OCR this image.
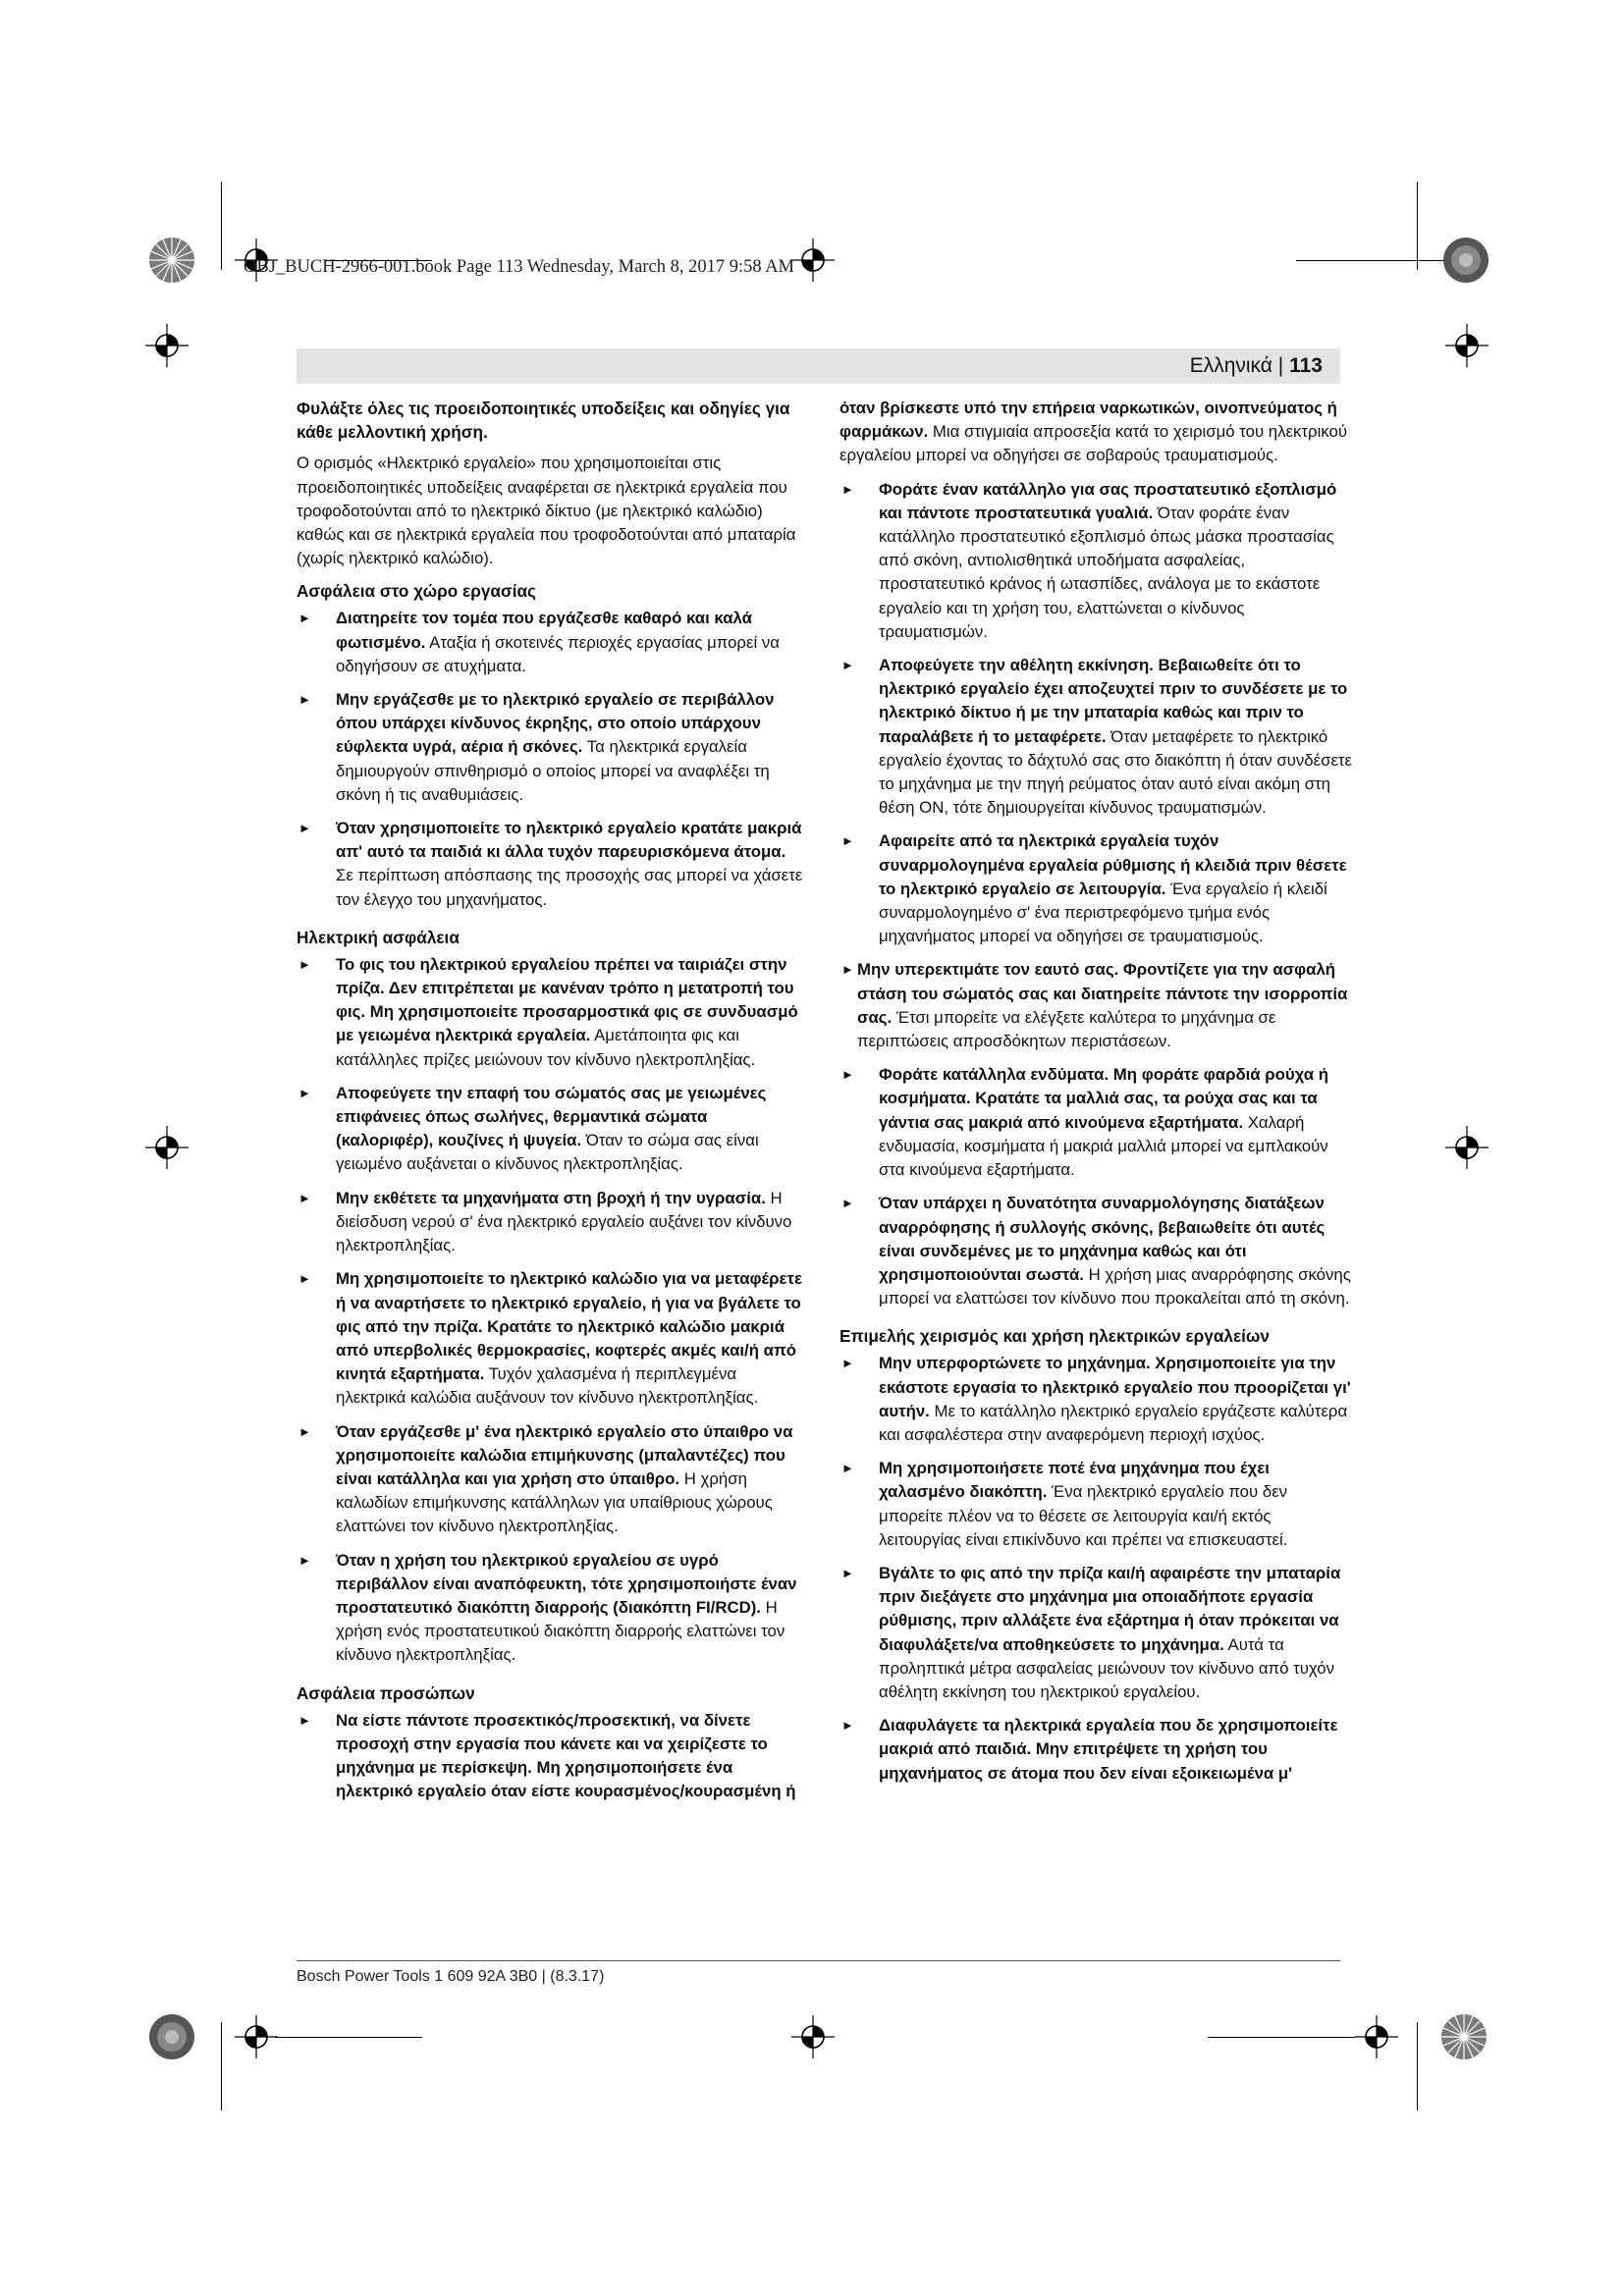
OBJ_BUCH-2966-001.book Page 113 Wednesday, March 8, 2017 9:58 AM
Ελληνικά | 113

Φυλάξτε όλες τις προειδοποιητικές υποδείξεις και οδηγίες για κάθε μελλοντική χρήση.

Ο ορισμός «Ηλεκτρικό εργαλείο» που χρησιμοποιείται στις προειδοποιητικές υποδείξεις αναφέρεται σε ηλεκτρικά εργαλεία που τροφοδοτούνται από το ηλεκτρικό δίκτυο (με ηλεκτρικό καλώδιο) καθώς και σε ηλεκτρικά εργαλεία που τροφοδοτούνται από μπαταρία (χωρίς ηλεκτρικό καλώδιο).

Ασφάλεια στο χώρο εργασίας
► Διατηρείτε τον τομέα που εργάζεσθε καθαρό και καλά φωτισμένο. Αταξία ή σκοτεινές περιοχές εργασίας μπορεί να οδηγήσουν σε ατυχήματα.
► Μην εργάζεσθε με το ηλεκτρικό εργαλείο σε περιβάλλον όπου υπάρχει κίνδυνος έκρηξης, στο οποίο υπάρχουν εύφλεκτα υγρά, αέρια ή σκόνες. Τα ηλεκτρικά εργαλεία δημιουργούν σπινθηρισμό ο οποίος μπορεί να αναφλέξει τη σκόνη ή τις αναθυμιάσεις.
► Όταν χρησιμοποιείτε το ηλεκτρικό εργαλείο κρατάτε μακριά απ' αυτό τα παιδιά κι άλλα τυχόν παρευρισκόμενα άτομα. Σε περίπτωση απόσπασης της προσοχής σας μπορεί να χάσετε τον έλεγχο του μηχανήματος.
Ηλεκτρική ασφάλεια
► Το φις του ηλεκτρικού εργαλείου πρέπει να ταιριάζει στην πρίζα. Δεν επιτρέπεται με κανέναν τρόπο η μετατροπή του φις. Μη χρησιμοποιείτε προσαρμοστικά φις σε συνδυασμό με γειωμένα ηλεκτρικά εργαλεία. Αμετάποιητα φις και κατάλληλες πρίζες μειώνουν τον κίνδυνο ηλεκτροπληξίας.
► Αποφεύγετε την επαφή του σώματός σας με γειωμένες επιφάνειες όπως σωλήνες, θερμαντικά σώματα (καλοριφέρ), κουζίνες ή ψυγεία. Όταν το σώμα σας είναι γειωμένο αυξάνεται ο κίνδυνος ηλεκτροπληξίας.
► Μην εκθέτετε τα μηχανήματα στη βροχή ή την υγρασία. Η διείσδυση νερού σ' ένα ηλεκτρικό εργαλείο αυξάνει τον κίνδυνο ηλεκτροπληξίας.
► Μη χρησιμοποιείτε το ηλεκτρικό καλώδιο για να μεταφέρετε ή να αναρτήσετε το ηλεκτρικό εργαλείο, ή για να βγάλετε το φις από την πρίζα. Κρατάτε το ηλεκτρικό καλώδιο μακριά από υπερβολικές θερμοκρασίες, κοφτερές ακμές και/ή από κινητά εξαρτήματα. Τυχόν χαλασμένα ή περιπλεγμένα ηλεκτρικά καλώδια αυξάνουν τον κίνδυνο ηλεκτροπληξίας.
► Όταν εργάζεσθε μ' ένα ηλεκτρικό εργαλείο στο ύπαιθρο να χρησιμοποιείτε καλώδια επιμήκυνσης (μπαλαντέζες) που είναι κατάλληλα και για χρήση στο ύπαιθρο. Η χρήση καλωδίων επιμήκυνσης κατάλληλων για υπαίθριους χώρους ελαττώνει τον κίνδυνο ηλεκτροπληξίας.
► Όταν η χρήση του ηλεκτρικού εργαλείου σε υγρό περιβάλλον είναι αναπόφευκτη, τότε χρησιμοποιήστε έναν προστατευτικό διακόπτη διαρροής (διακόπτη FI/RCD). Η χρήση ενός προστατευτικού διακόπτη διαρροής ελαττώνει τον κίνδυνο ηλεκτροπληξίας.
Ασφάλεια προσώπων
► Να είστε πάντοτε προσεκτικός/προσεκτική, να δίνετε προσοχή στην εργασία που κάνετε και να χειρίζεστε το μηχάνημα με περίσκεψη. Μη χρησιμοποιήσετε ένα ηλεκτρικό εργαλείο όταν είστε κουρασμένος/κουρασμένη ή
όταν βρίσκεστε υπό την επήρεια ναρκωτικών, οινοπνεύματος ή φαρμάκων. Μια στιγμιαία απροσεξία κατά το χειρισμό του ηλεκτρικού εργαλείου μπορεί να οδηγήσει σε σοβαρούς τραυματισμούς.
► Φοράτε έναν κατάλληλο για σας προστατευτικό εξοπλισμό και πάντοτε προστατευτικά γυαλιά. Όταν φοράτε έναν κατάλληλο προστατευτικό εξοπλισμό όπως μάσκα προστασίας από σκόνη, αντιολισθητικά υποδήματα ασφαλείας, προστατευτικό κράνος ή ωτασπίδες, ανάλογα με το εκάστοτε εργαλείο και τη χρήση του, ελαττώνεται ο κίνδυνος τραυματισμών.
► Αποφεύγετε την αθέλητη εκκίνηση. Βεβαιωθείτε ότι το ηλεκτρικό εργαλείο έχει αποζευχτεί πριν το συνδέσετε με το ηλεκτρικό δίκτυο ή με την μπαταρία καθώς και πριν το παραλάβετε ή το μεταφέρετε. Όταν μεταφέρετε το ηλεκτρικό εργαλείο έχοντας το δάχτυλό σας στο διακόπτη ή όταν συνδέσετε το μηχάνημα με την πηγή ρεύματος όταν αυτό είναι ακόμη στη θέση ON, τότε δημιουργείται κίνδυνος τραυματισμών.
► Αφαιρείτε από τα ηλεκτρικά εργαλεία τυχόν συναρμολογημένα εργαλεία ρύθμισης ή κλειδιά πριν θέσετε το ηλεκτρικό εργαλείο σε λειτουργία. Ένα εργαλείο ή κλειδί συναρμολογημένο σ' ένα περιστρεφόμενο τμήμα ενός μηχανήματος μπορεί να οδηγήσει σε τραυματισμούς.
► Μην υπερεκτιμάτε τον εαυτό σας. Φροντίζετε για την ασφαλή στάση του σώματός σας και διατηρείτε πάντοτε την ισορροπία σας. Έτσι μπορείτε να ελέγξετε καλύτερα το μηχάνημα σε περιπτώσεις απροσδόκητων περιστάσεων.
► Φοράτε κατάλληλα ενδύματα. Μη φοράτε φαρδιά ρούχα ή κοσμήματα. Κρατάτε τα μαλλιά σας, τα ρούχα σας και τα γάντια σας μακριά από κινούμενα εξαρτήματα. Χαλαρή ενδυμασία, κοσμήματα ή μακριά μαλλιά μπορεί να εμπλακούν στα κινούμενα εξαρτήματα.
► Όταν υπάρχει η δυνατότητα συναρμολόγησης διατάξεων αναρρόφησης ή συλλογής σκόνης, βεβαιωθείτε ότι αυτές είναι συνδεμένες με το μηχάνημα καθώς και ότι χρησιμοποιούνται σωστά. Η χρήση μιας αναρρόφησης σκόνης μπορεί να ελαττώσει τον κίνδυνο που προκαλείται από τη σκόνη.
Επιμελής χειρισμός και χρήση ηλεκτρικών εργαλείων
► Μην υπερφορτώνετε το μηχάνημα. Χρησιμοποιείτε για την εκάστοτε εργασία το ηλεκτρικό εργαλείο που προορίζεται γι' αυτήν. Με το κατάλληλο ηλεκτρικό εργαλείο εργάζεστε καλύτερα και ασφαλέστερα στην αναφερόμενη περιοχή ισχύος.
► Μη χρησιμοποιήσετε ποτέ ένα μηχάνημα που έχει χαλασμένο διακόπτη. Ένα ηλεκτρικό εργαλείο που δεν μπορείτε πλέον να το θέσετε σε λειτουργία και/ή εκτός λειτουργίας είναι επικίνδυνο και πρέπει να επισκευαστεί.
► Βγάλτε το φις από την πρίζα και/ή αφαιρέστε την μπαταρία πριν διεξάγετε στο μηχάνημα μια οποιαδήποτε εργασία ρύθμισης, πριν αλλάξετε ένα εξάρτημα ή όταν πρόκειται να διαφυλάξετε/να αποθηκεύσετε το μηχάνημα. Αυτά τα προληπτικά μέτρα ασφαλείας μειώνουν τον κίνδυνο από τυχόν αθέλητη εκκίνηση του ηλεκτρικού εργαλείου.
► Διαφυλάγετε τα ηλεκτρικά εργαλεία που δε χρησιμοποιείτε μακριά από παιδιά. Μην επιτρέψετε τη χρήση του μηχανήματος σε άτομα που δεν είναι εξοικειωμένα μ'
Bosch Power Tools 1 609 92A 3B0 | (8.3.17)
